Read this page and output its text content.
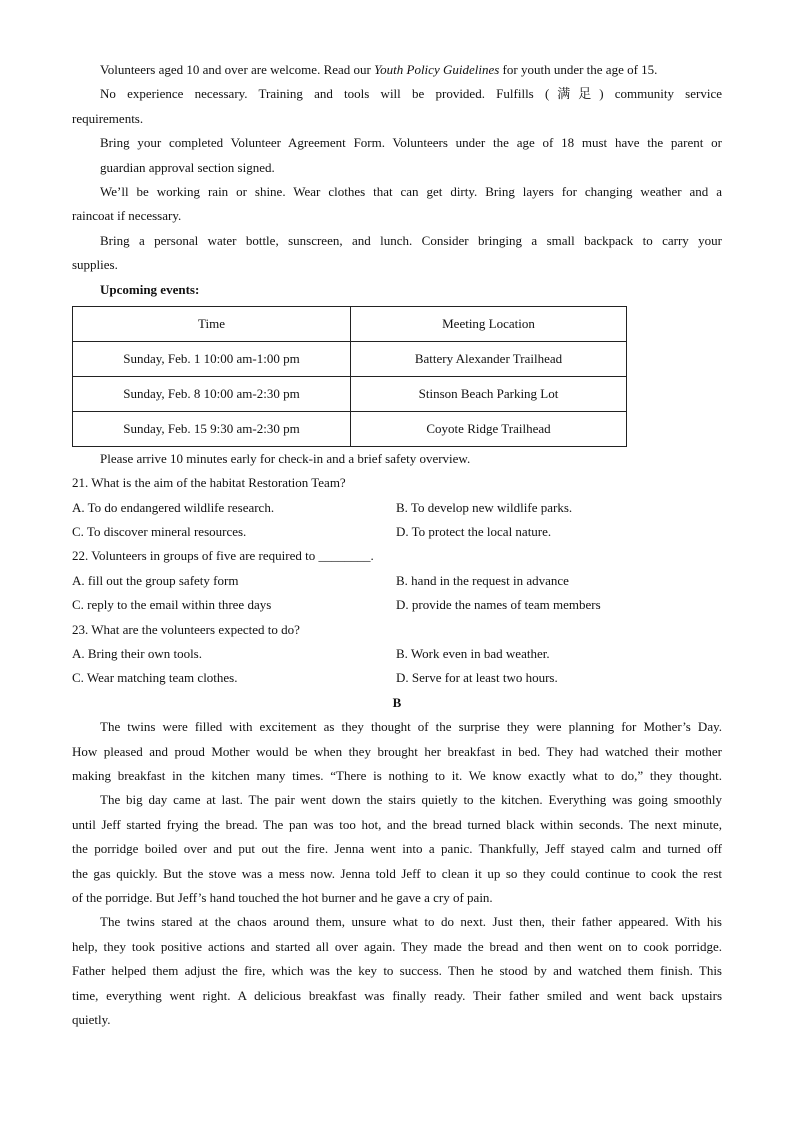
Volunteers aged 10 and over are welcome. Read our Youth Policy Guidelines for youth under the age of 15.
No experience necessary. Training and tools will be provided. Fulfills (满足) community service
requirements.
Bring your completed Volunteer Agreement Form. Volunteers under the age of 18 must have the parent or
guardian approval section signed.
We’ll be working rain or shine. Wear clothes that can get dirty. Bring layers for changing weather and a
raincoat if necessary.
Bring a personal water bottle, sunscreen, and lunch. Consider bringing a small backpack to carry your
supplies.
Upcoming events:
Time	Meeting Location
Sunday, Feb. 1 10:00 am-1:00 pm	Battery Alexander Trailhead
Sunday, Feb. 8 10:00 am-2:30 pm	Stinson Beach Parking Lot
Sunday, Feb. 15 9:30 am-2:30 pm	Coyote Ridge Trailhead
Please arrive 10 minutes early for check-in and a brief safety overview.
21. What is the aim of the habitat Restoration Team?
A. To do endangered wildlife research.	B. To develop new wildlife parks.
C. To discover mineral resources.	D. To protect the local nature.
22. Volunteers in groups of five are required to ________.
A. fill out the group safety form	B. hand in the request in advance
C. reply to the email within three days	D. provide the names of team members
23. What are the volunteers expected to do?
A. Bring their own tools.	B. Work even in bad weather.
C. Wear matching team clothes.	D. Serve for at least two hours.
B
The twins were filled with excitement as they thought of the surprise they were planning for Mother’s Day.
How pleased and proud Mother would be when they brought her breakfast in bed. They had watched their mother
making breakfast in the kitchen many times. “There is nothing to it. We know exactly what to do,” they thought.
The big day came at last. The pair went down the stairs quietly to the kitchen. Everything was going smoothly
until Jeff started frying the bread. The pan was too hot, and the bread turned black within seconds. The next minute,
the porridge boiled over and put out the fire. Jenna went into a panic. Thankfully, Jeff stayed calm and turned off
the gas quickly. But the stove was a mess now. Jenna told Jeff to clean it up so they could continue to cook the rest
of the porridge. But Jeff’s hand touched the hot burner and he gave a cry of pain.
The twins stared at the chaos around them, unsure what to do next. Just then, their father appeared. With his
help, they took positive actions and started all over again. They made the bread and then went on to cook porridge.
Father helped them adjust the fire, which was the key to success. Then he stood by and watched them finish. This
time, everything went right. A delicious breakfast was finally ready. Their father smiled and went back upstairs
quietly.
